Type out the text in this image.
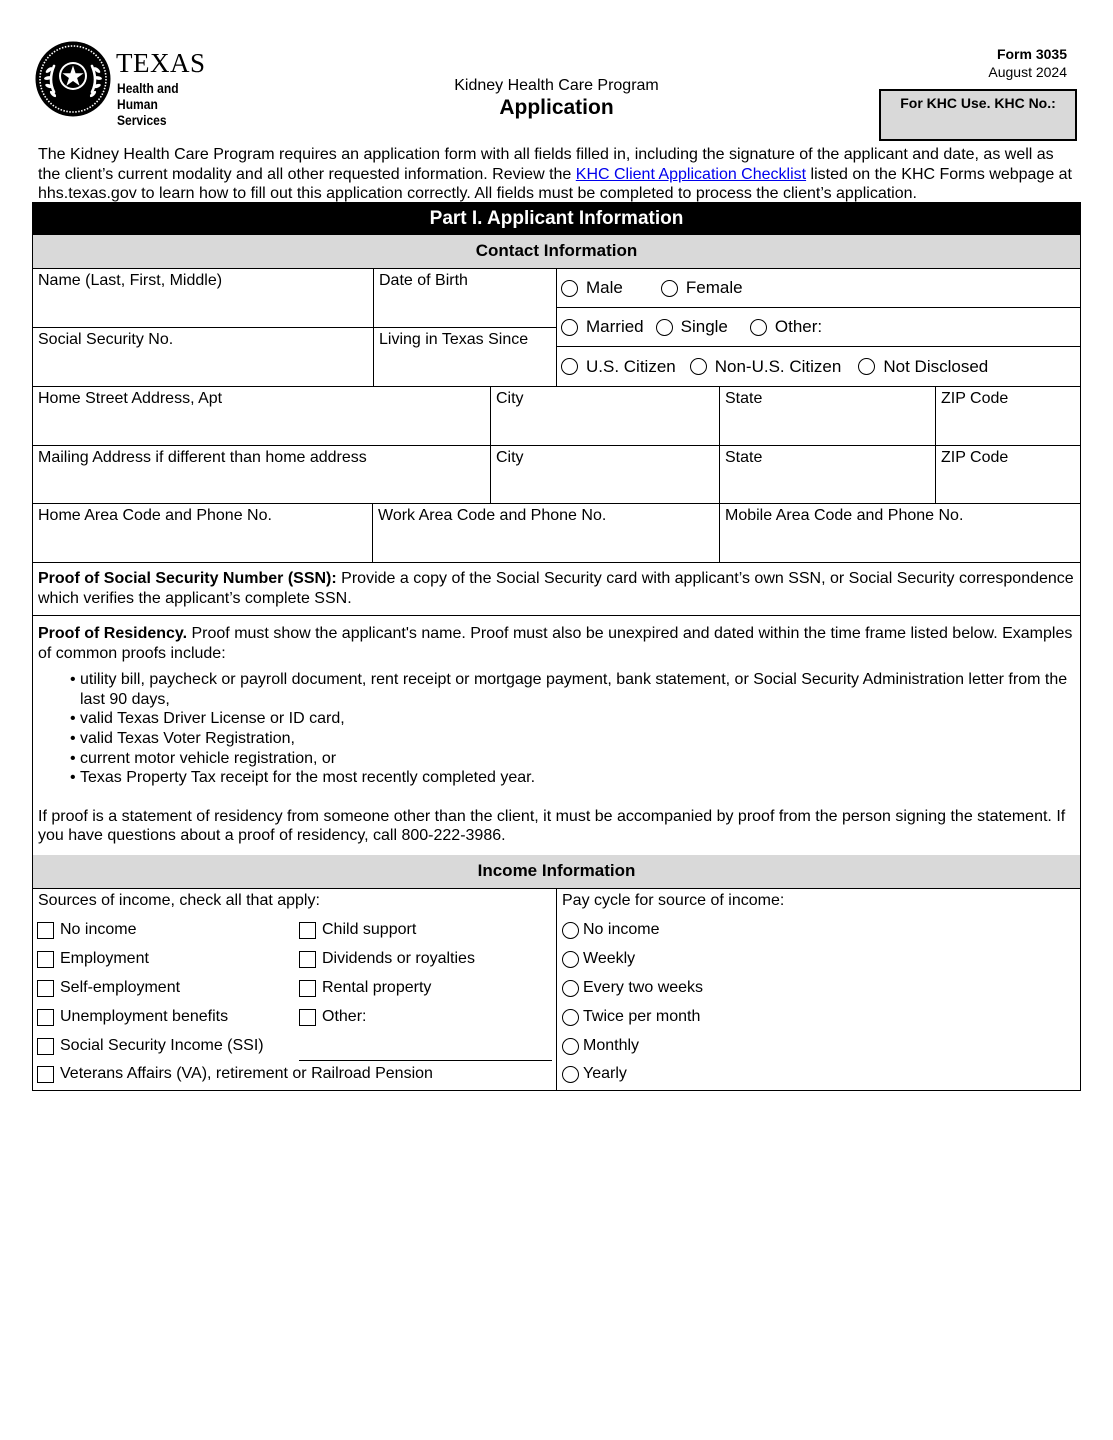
TEXAS
Health and Human
Services
Kidney Health Care Program
Application
Form 3035
August 2024
For KHC Use. KHC No.:
The Kidney Health Care Program requires an application form with all fields filled in, including the signature of the applicant and date, as well as the client’s current modality and all other requested information. Review the KHC Client Application Checklist listed on the KHC Forms webpage at hhs.texas.gov to learn how to fill out this application correctly. All fields must be completed to process the client’s application.
Part I. Applicant Information
Contact Information
Name (Last, First, Middle)	Date of Birth
Social Security No.	Living in Texas Since
Male	Female
Married Single	Other:
U.S. Citizen Non-U.S. Citizen Not Disclosed
Home Street Address, Apt	City	State	ZIP Code
Mailing Address if different than home address	City	State	ZIP Code
Home Area Code and Phone No.	Work Area Code and Phone No.	Mobile Area Code and Phone No.
Proof of Social Security Number (SSN): Provide a copy of the Social Security card with applicant’s own SSN, or Social Security correspondence which verifies the applicant’s complete SSN.
Proof of Residency. Proof must show the applicant's name. Proof must also be unexpired and dated within the time frame listed below. Examples of common proofs include:
• utility bill, paycheck or payroll document, rent receipt or mortgage payment, bank statement, or Social Security Administration letter from the last 90 days,
• valid Texas Driver License or ID card,
• valid Texas Voter Registration,
• current motor vehicle registration, or
• Texas Property Tax receipt for the most recently completed year.
If proof is a statement of residency from someone other than the client, it must be accompanied by proof from the person signing the statement. If you have questions about a proof of residency, call 800-222-3986.
Income Information
Sources of income, check all that apply:	Pay cycle for source of income:
No income
Employment
Self-employment
Unemployment benefits
Social Security Income (SSI)
Veterans Affairs (VA), retirement or Railroad Pension
Child support
Dividends or royalties
Rental property
Other:
No income
Weekly
Every two weeks
Twice per month
Monthly
Yearly
